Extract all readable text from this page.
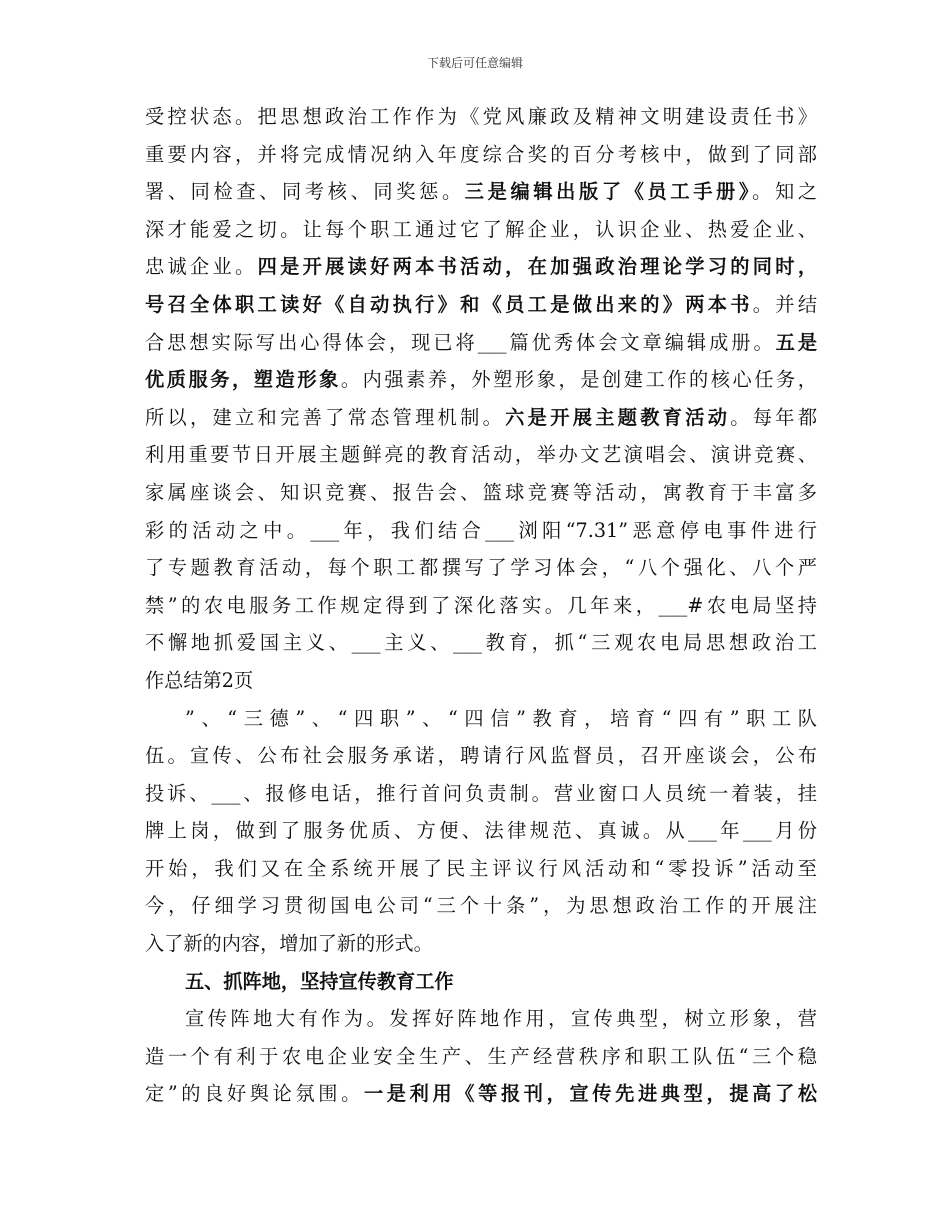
下载后可任意编辑
受控状态。把思想政治工作作为《党风廉政及精神文明建设责任书》
重要内容，并将完成情况纳入年度综合奖的百分考核中，做到了同部
署、同检查、同考核、同奖惩。三是编辑出版了《员工手册》。知之
深才能爱之切。让每个职工通过它了解企业，认识企业、热爱企业、
忠诚企业。四是开展读好两本书活动，在加强政治理论学习的同时，
号召全体职工读好《自动执行》和《员工是做出来的》两本书。并结
合思想实际写出心得体会，现已将___篇优秀体会文章编辑成册。五是
优质服务，塑造形象。内强素养，外塑形象，是创建工作的核心任务，
所以，建立和完善了常态管理机制。六是开展主题教育活动。每年都
利用重要节日开展主题鲜亮的教育活动，举办文艺演唱会、演讲竞赛、
家属座谈会、知识竞赛、报告会、篮球竞赛等活动，寓教育于丰富多
彩的活动之中。___年，我们结合___浏阳“7.31”恶意停电事件进行
了专题教育活动，每个职工都撰写了学习体会，“八个强化、八个严
禁”的农电服务工作规定得到了深化落实。几年来，___#农电局坚持
不懈地抓爱国主义、___主义、___教育，抓“三观农电局思想政治工
作总结第2页
”、“三德”、“四职”、“四信”教育，培育“四有”职工队
伍。宣传、公布社会服务承诺，聘请行风监督员，召开座谈会，公布
投诉、___、报修电话，推行首问负责制。营业窗口人员统一着装，挂
牌上岗，做到了服务优质、方便、法律规范、真诚。从___年___月份
开始，我们又在全系统开展了民主评议行风活动和“零投诉”活动至
今，仔细学习贯彻国电公司“三个十条”，为思想政治工作的开展注
入了新的内容，增加了新的形式。
五、抓阵地，坚持宣传教育工作
宣传阵地大有作为。发挥好阵地作用，宣传典型，树立形象，营
造一个有利于农电企业安全生产、生产经营秩序和职工队伍“三个稳
定”的良好舆论氛围。一是利用《等报刊，宣传先进典型，提高了松
